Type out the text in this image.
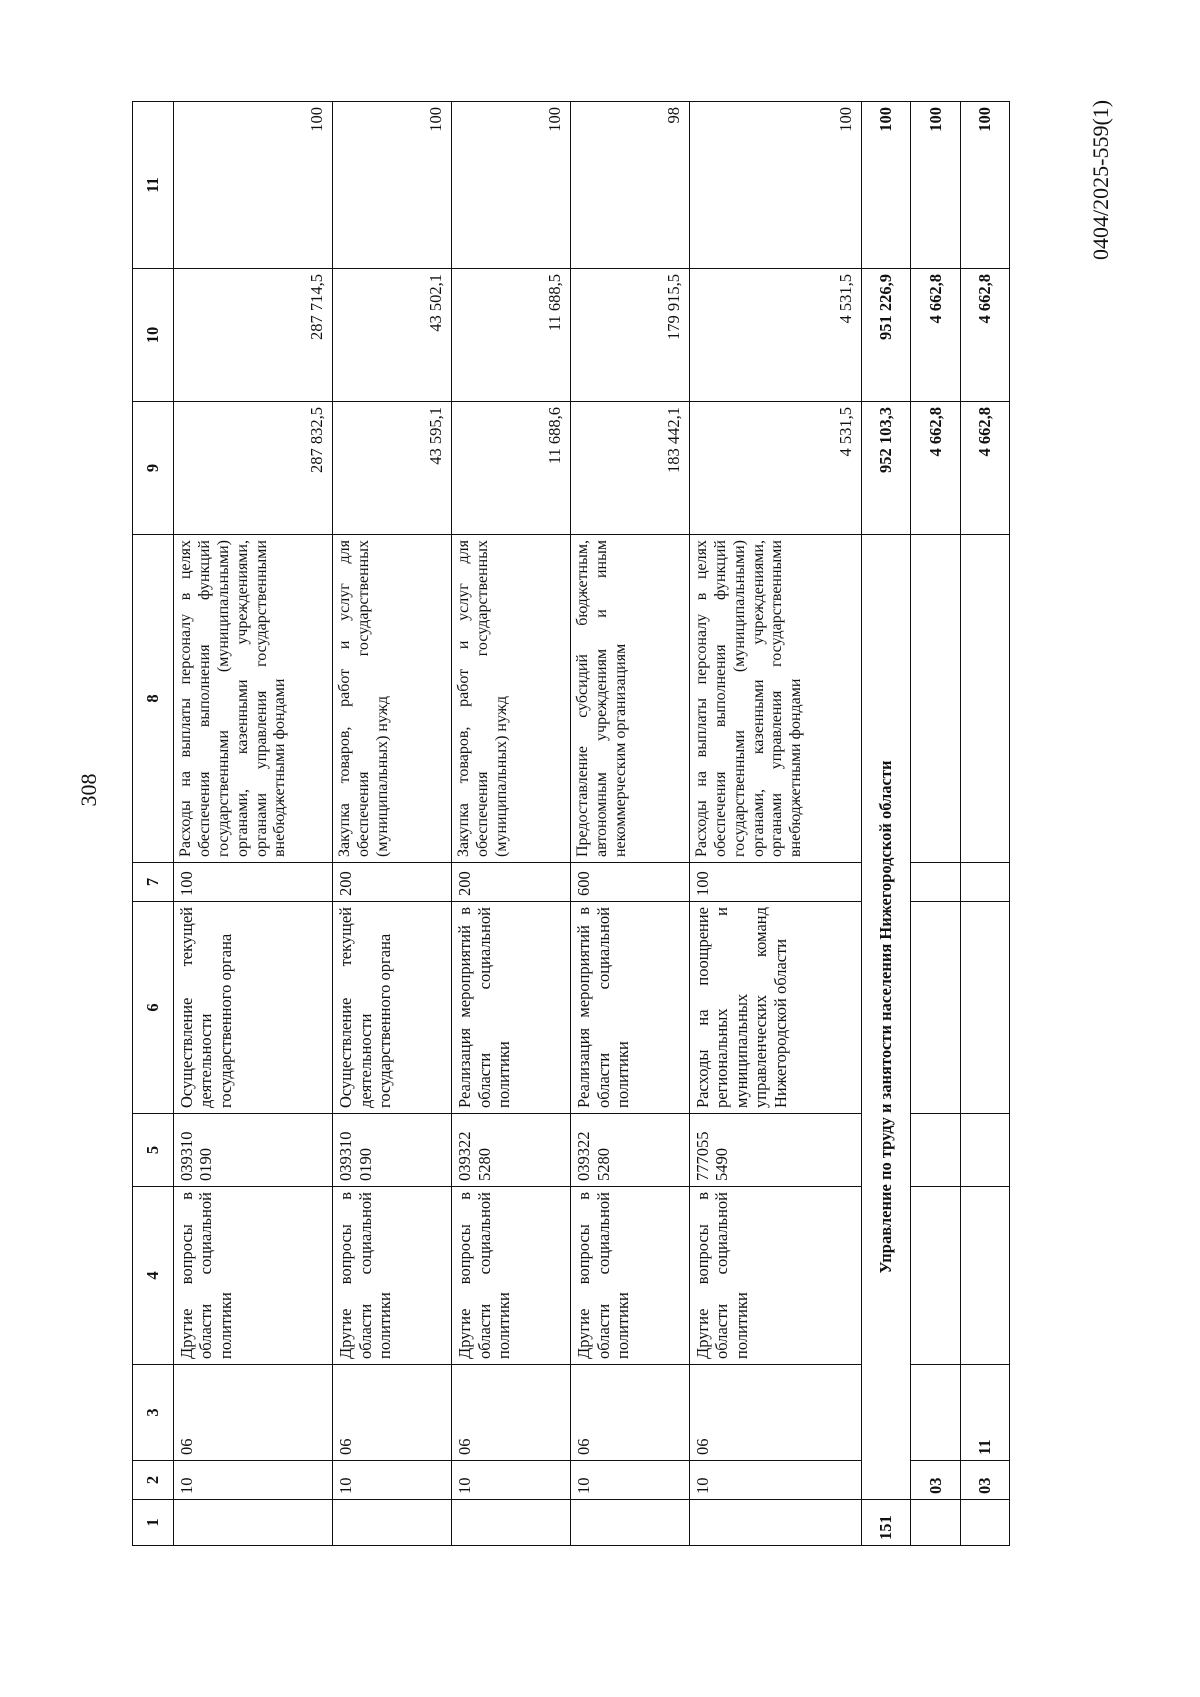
308
0404/2025-559(1)
1	2	3	4	5	6	7	8	9	10	11
	10	06	Другие вопросы в области социальной политики	039310 0190	Осуществление текущей деятельности государственного органа	100	Расходы на выплаты персоналу в целях обеспечения выполнения функций государственными (муниципальными) органами, казенными учреждениями, органами управления государственными внебюджетными фондами	287 832,5	287 714,5	100
	10	06	Другие вопросы в области социальной политики	039310 0190	Осуществление текущей деятельности государственного органа	200	Закупка товаров, работ и услуг для обеспечения государственных (муниципальных) нужд	43 595,1	43 502,1	100
	10	06	Другие вопросы в области социальной политики	039322 5280	Реализация мероприятий в области социальной политики	200	Закупка товаров, работ и услуг для обеспечения государственных (муниципальных) нужд	11 688,6	11 688,5	100
	10	06	Другие вопросы в области социальной политики	039322 5280	Реализация мероприятий в области социальной политики	600	Предоставление субсидий бюджетным, автономным учреждениям и иным некоммерческим организациям	183 442,1	179 915,5	98
	10	06	Другие вопросы в области социальной политики	777055 5490	Расходы на поощрение региональных и муниципальных управленческих команд Нижегородской области	100	Расходы на выплаты персоналу в целях обеспечения выполнения функций государственными (муниципальными) органами, казенными учреждениями, органами управления государственными внебюджетными фондами	4 531,5	4 531,5	100
151	Управление по труду и занятости населения Нижегородской области							952 103,3	951 226,9	100
	03							4 662,8	4 662,8	100
	03	11						4 662,8	4 662,8	100
